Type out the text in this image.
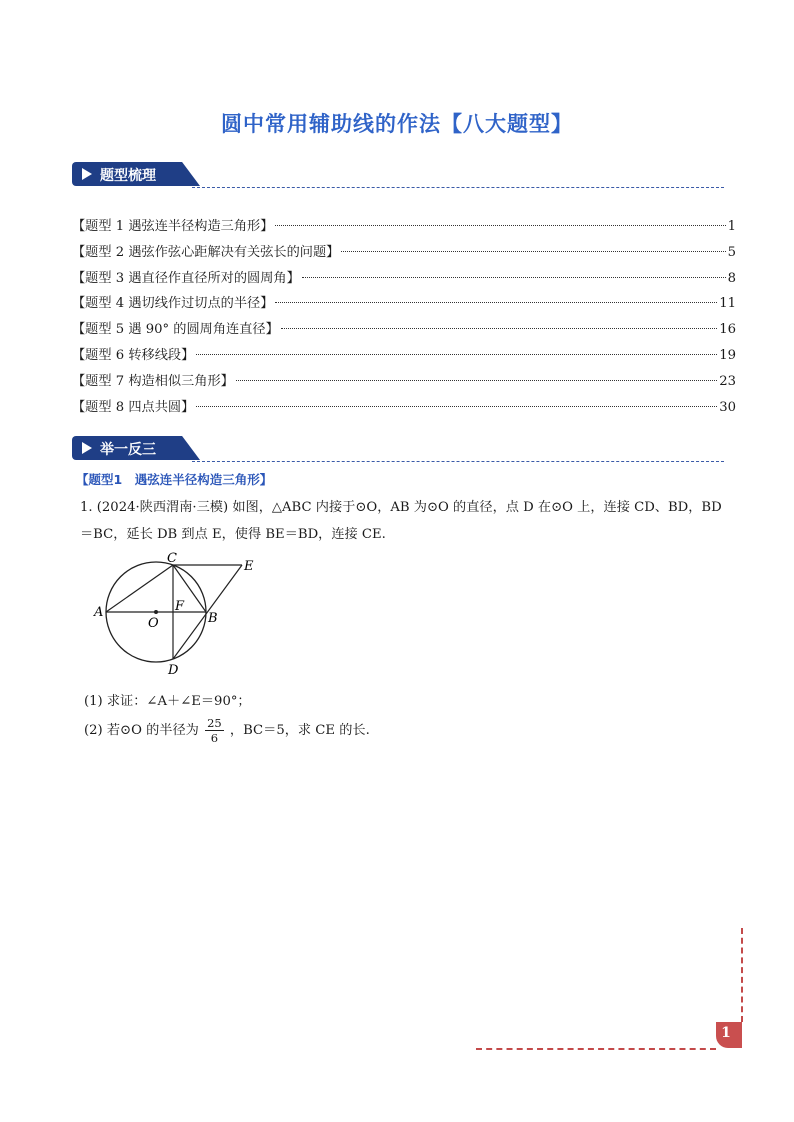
圆中常用辅助线的作法【八大题型】
题型梳理
【题型 1 遇弦连半径构造三角形】	1
【题型 2 遇弦作弦心距解决有关弦长的问题】	5
【题型 3 遇直径作直径所对的圆周角】	8
【题型 4 遇切线作过切点的半径】	11
【题型 5 遇 90° 的圆周角连直径】	16
【题型 6 转移线段】	19
【题型 7 构造相似三角形】	23
【题型 8 四点共圆】	30
举一反三
【题型1　遇弦连半径构造三角形】
1. (2024·陕西渭南·三模) 如图，△ABC 内接于⊙O，AB 为⊙O 的直径，点 D 在⊙O 上，连接 CD、BD，BD
＝BC，延长 DB 到点 E，使得 BE＝BD，连接 CE.
A	B
C
D
E
F
O
(1) 求证：∠A＋∠E＝90°；
(2) 若⊙O 的半径为 $\frac{25}{6}$ ，BC＝5，求 CE 的长.
1
